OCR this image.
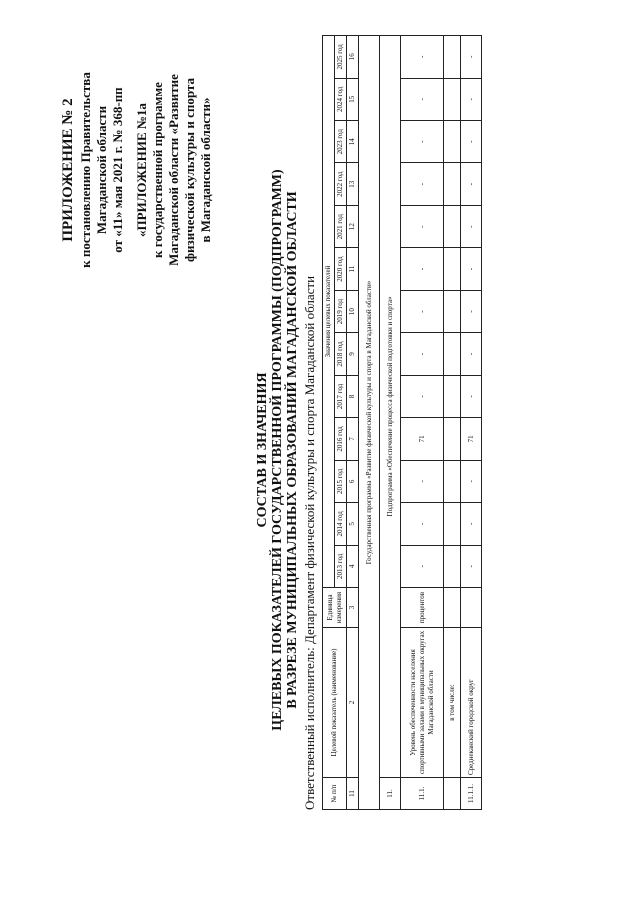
ПРИЛОЖЕНИЕ № 2 к постановлению Правительства Магаданской области от «11» мая 2021 г. № 368-пп «ПРИЛОЖЕНИЕ №1а к государственной программе Магаданской области «Развитие физической культуры и спорта в Магаданской области»
СОСТАВ И ЗНАЧЕНИЯ ЦЕЛЕВЫХ ПОКАЗАТЕЛЕЙ ГОСУДАРСТВЕННОЙ ПРОГРАММЫ (ПОДПРОГРАММ) В РАЗРЕЗЕ МУНИЦИПАЛЬНЫХ ОБРАЗОВАНИЙ МАГАДАНСКОЙ ОБЛАСТИ Ответственный исполнитель: Департамент физической культуры и спорта Магаданской области № п/п	Целевой показатель (наименование)	Единица измерения	Значения целевых показателей												
			2013 год	2014 год	2015 год	2016 год	2017 год	2018 год	2019 год	2020 год	2021 год	2022 год	2023 год	2024 год	2025 год
11	2	3	4	5	6	7	8	9	10	11	12	13	14	15	16
Государственная программа «Развитие физической культуры и спорта в Магаданской области»															
11.	Подпрограмма «Обеспечение процесса физической подготовки и спорта»														
11.1.	Уровень обеспеченности населения спортивными залами в муниципальных округах Магаданской области	процентов	-	-	-	71	-	-	-	-	-	-	-	-	-
	в том числе:														
11.1.1.	Среднеканский городской округ		-	-	-	71	-	-	-	-	-	-	-	-	-
